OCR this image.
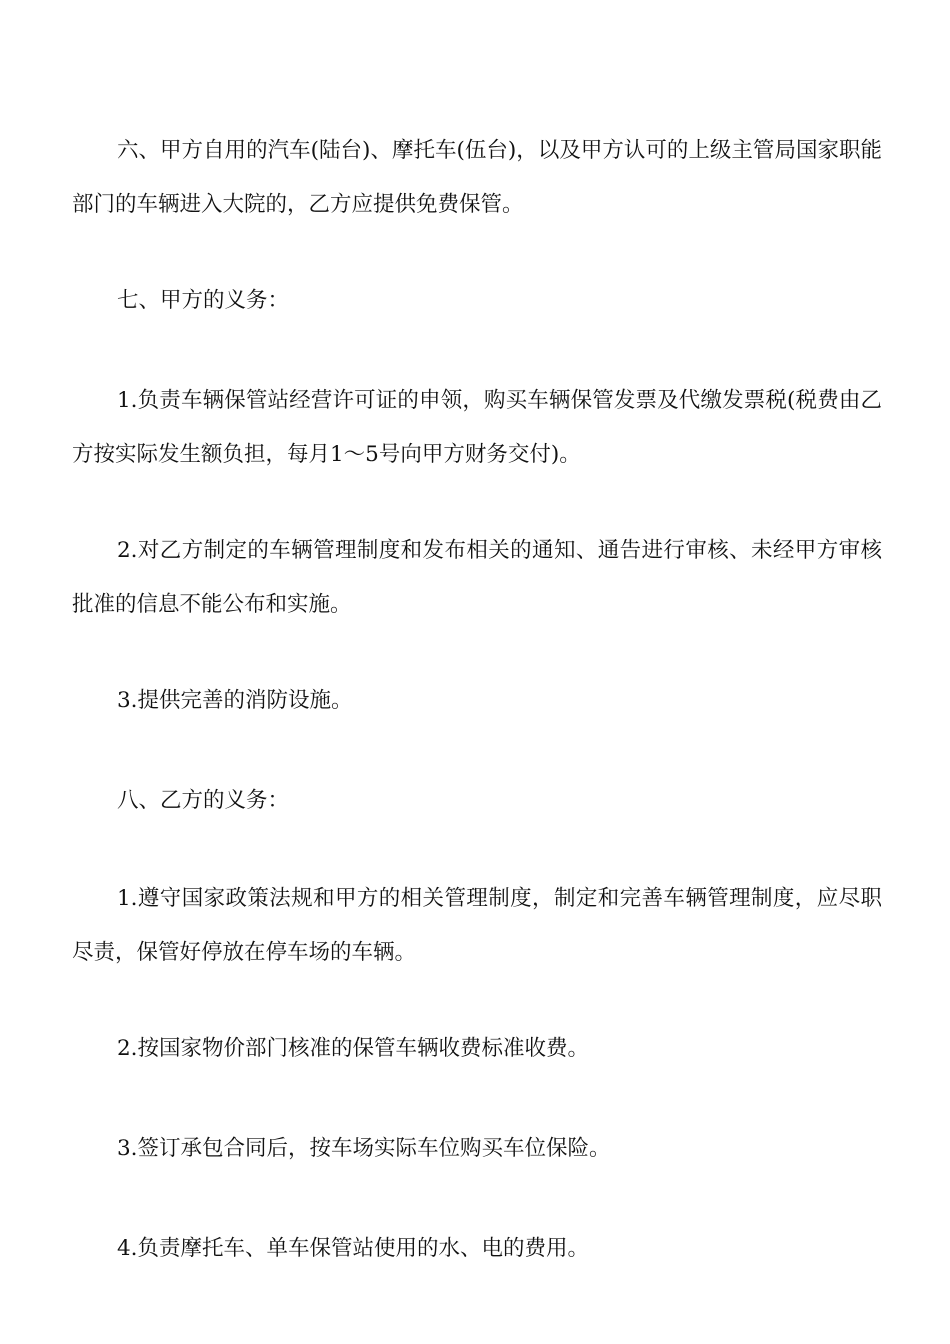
六、甲方自用的汽车(陆台)、摩托车(伍台)，以及甲方认可的上级主管局国家职能部门的车辆进入大院的，乙方应提供免费保管。

七、甲方的义务：

1.负责车辆保管站经营许可证的申领，购买车辆保管发票及代缴发票税(税费由乙方按实际发生额负担，每月1～5号向甲方财务交付)。

2.对乙方制定的车辆管理制度和发布相关的通知、通告进行审核、未经甲方审核批准的信息不能公布和实施。

3.提供完善的消防设施。

八、乙方的义务：

1.遵守国家政策法规和甲方的相关管理制度，制定和完善车辆管理制度，应尽职尽责，保管好停放在停车场的车辆。

2.按国家物价部门核准的保管车辆收费标准收费。

3.签订承包合同后，按车场实际车位购买车位保险。

4.负责摩托车、单车保管站使用的水、电的费用。
